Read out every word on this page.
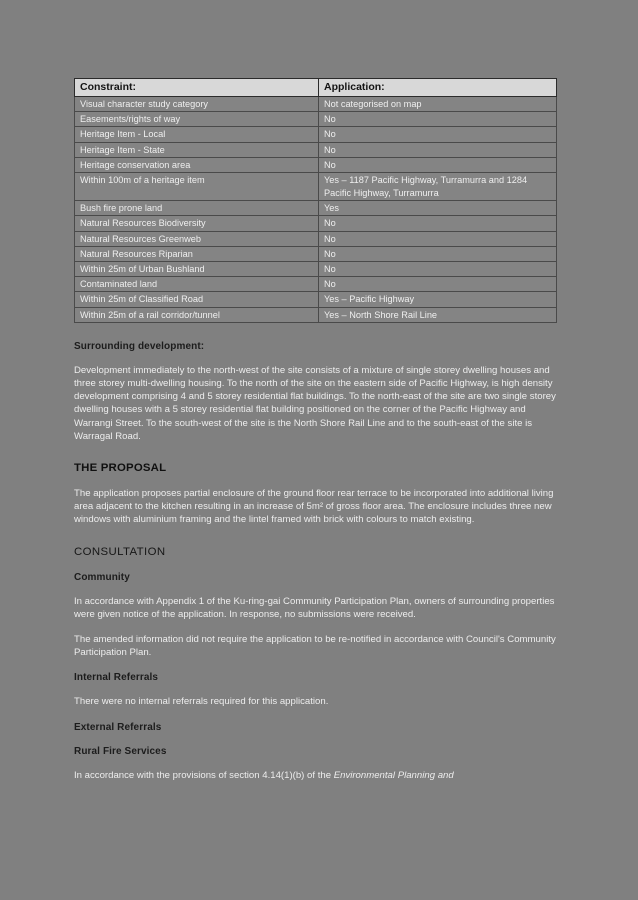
Constraint:	Application:
Visual character study category	Not categorised on map
Easements/rights of way	No
Heritage Item - Local	No
Heritage Item - State	No
Heritage conservation area	No
Within 100m of a heritage item	Yes – 1187 Pacific Highway, Turramurra and 1284 Pacific Highway, Turramurra
Bush fire prone land	Yes
Natural Resources Biodiversity	No
Natural Resources Greenweb	No
Natural Resources Riparian	No
Within 25m of Urban Bushland	No
Contaminated land	No
Within 25m of Classified Road	Yes – Pacific Highway
Within 25m of a rail corridor/tunnel	Yes – North Shore Rail Line
Surrounding development:

Development immediately to the north-west of the site consists of a mixture of single storey dwelling houses and three storey multi-dwelling housing. To the north of the site on the eastern side of Pacific Highway, is high density development comprising 4 and 5 storey residential flat buildings. To the north-east of the site are two single storey dwelling houses with a 5 storey residential flat building positioned on the corner of the Pacific Highway and Warrangi Street. To the south-west of the site is the North Shore Rail Line and to the south-east of the site is Warragal Road.

THE PROPOSAL

The application proposes partial enclosure of the ground floor rear terrace to be incorporated into additional living area adjacent to the kitchen resulting in an increase of 5m² of gross floor area. The enclosure includes three new windows with aluminium framing and the lintel framed with brick with colours to match existing.

CONSULTATION
Community

In accordance with Appendix 1 of the Ku-ring-gai Community Participation Plan, owners of surrounding properties were given notice of the application. In response, no submissions were received.

The amended information did not require the application to be re-notified in accordance with Council's Community Participation Plan.

Internal Referrals

There were no internal referrals required for this application.

External Referrals
Rural Fire Services

In accordance with the provisions of section 4.14(1)(b) of the Environmental Planning and
